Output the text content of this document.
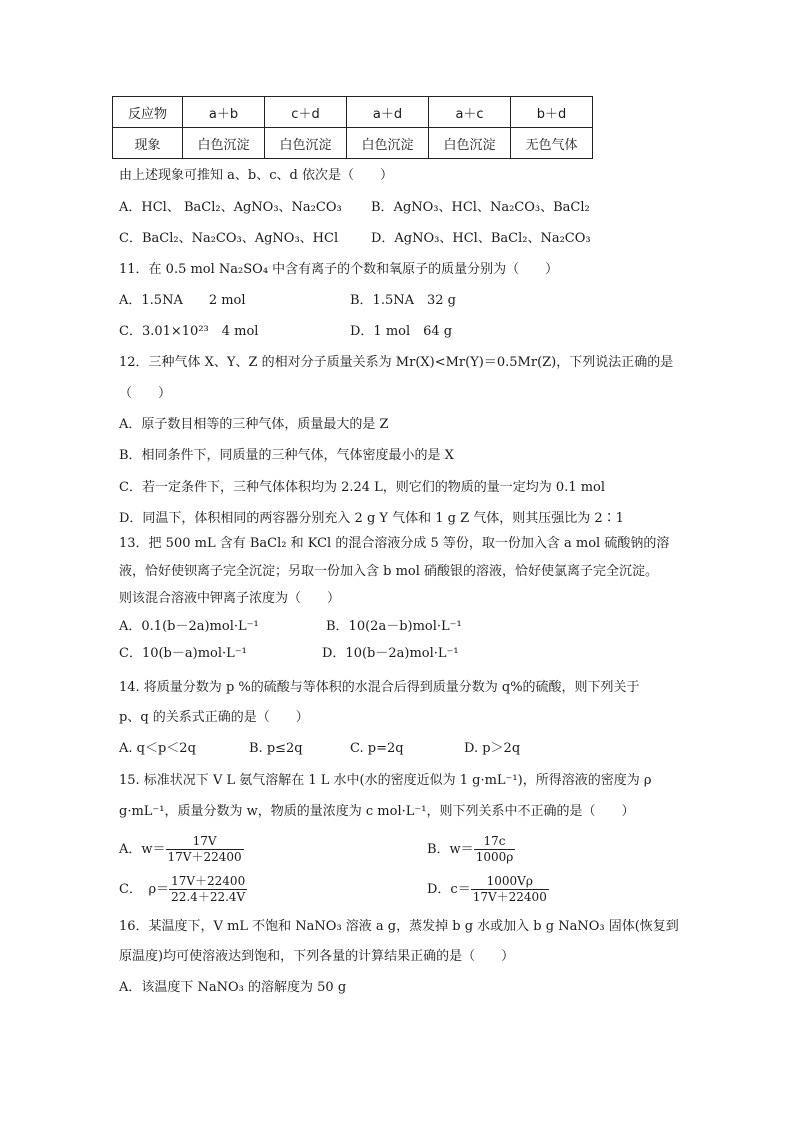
反应物	a＋b	c＋d	a＋d	a＋c	b＋d
现象	白色沉淀	白色沉淀	白色沉淀	白色沉淀	无色气体
由上述现象可推知 a、b、c、d 依次是（　　）
A．HCl、 BaCl₂、AgNO₃、Na₂CO₃ B．AgNO₃、HCl、Na₂CO₃、BaCl₂
C．BaCl₂、Na₂CO₃、AgNO₃、HCl	D．AgNO₃、HCl、BaCl₂、Na₂CO₃
11．在 0.5 mol Na₂SO₄ 中含有离子的个数和氧原子的质量分别为（　　）
A．1.5NA　　2 mol	B．1.5NA　32 g
C．3.01×10²³　4 mol	D．1 mol　64 g
12．三种气体 X、Y、Z 的相对分子质量关系为 Mr(X)<Mr(Y)＝0.5Mr(Z)，下列说法正确的是
（　　）
A．原子数目相等的三种气体，质量最大的是 Z
B．相同条件下，同质量的三种气体，气体密度最小的是 X
C．若一定条件下，三种气体体积均为 2.24 L，则它们的物质的量一定均为 0.1 mol
D．同温下，体积相同的两容器分别充入 2 g Y 气体和 1 g Z 气体，则其压强比为 2∶1
13．把 500 mL 含有 BaCl₂ 和 KCl 的混合溶液分成 5 等份，取一份加入含 a mol 硫酸钠的溶
液，恰好使钡离子完全沉淀；另取一份加入含 b mol 硝酸银的溶液，恰好使氯离子完全沉淀。
则该混合溶液中钾离子浓度为（　　）
A．0.1(b－2a)mol·L⁻¹	B．10(2a－b)mol·L⁻¹
C．10(b－a)mol·L⁻¹	D．10(b－2a)mol·L⁻¹
14. 将质量分数为 p %的硫酸与等体积的水混合后得到质量分数为 q%的硫酸，则下列关于
p、q 的关系式正确的是（　　）
A. q＜p＜2q	B. p≤2q	C. p=2q	D. p＞2q
15. 标准状况下 V L 氨气溶解在 1 L 水中(水的密度近似为 1 g·mL⁻¹)，所得溶液的密度为 ρ
g·mL⁻¹，质量分数为 w，物质的量浓度为 c mol·L⁻¹，则下列关系中不正确的是（　　）
A．$w= \frac{17V}{17V+22400}$	B．$w= \frac{17c}{1000\rho}$
C．　$\rho= \frac{17V+22400}{22.4+22.4V}$	D．$c= \frac{1000V\rho}{17V+22400}$
16．某温度下，V mL 不饱和 NaNO₃ 溶液 a g，蒸发掉 b g 水或加入 b g NaNO₃ 固体(恢复到
原温度)均可使溶液达到饱和，下列各量的计算结果正确的是（　　）
A．该温度下 NaNO₃ 的溶解度为 50 g
